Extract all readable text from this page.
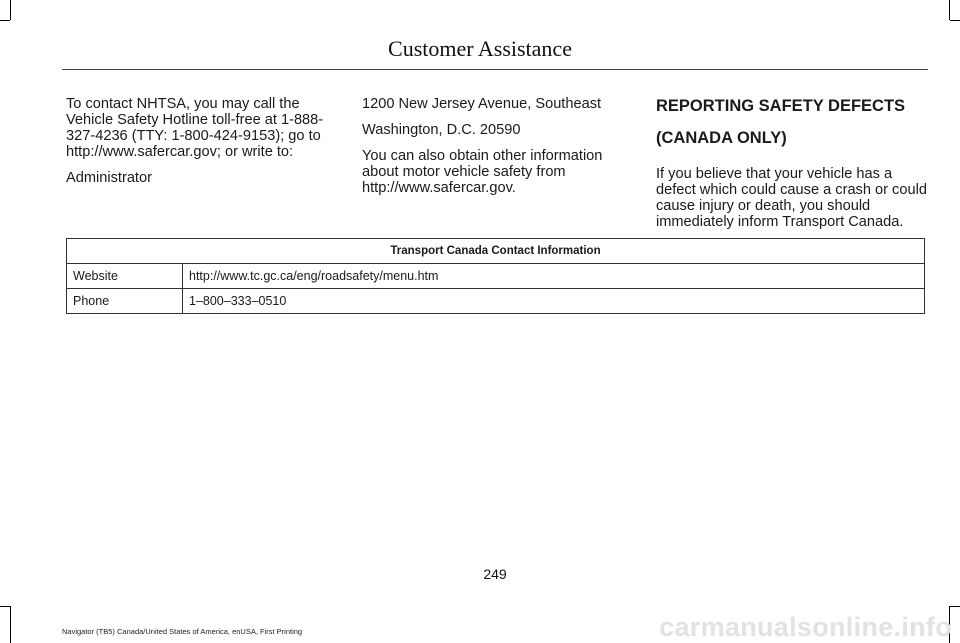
Customer Assistance

To contact NHTSA, you may call the Vehicle Safety Hotline toll-free at 1-888-327-4236 (TTY: 1-800-424-9153); go to http://www.safercar.gov; or write to:

Administrator

1200 New Jersey Avenue, Southeast

Washington, D.C. 20590

You can also obtain other information about motor vehicle safety from http://www.safercar.gov.

REPORTING SAFETY DEFECTS
(CANADA ONLY)

If you believe that your vehicle has a defect which could cause a crash or could cause injury or death, you should immediately inform Transport Canada.

Transport Canada Contact Information	
Website	http://www.tc.gc.ca/eng/roadsafety/menu.htm
Phone	1–800–333–0510
249
Navigator (TB5) Canada/United States of America, enUSA, First Printing	carmanualsonline.info
